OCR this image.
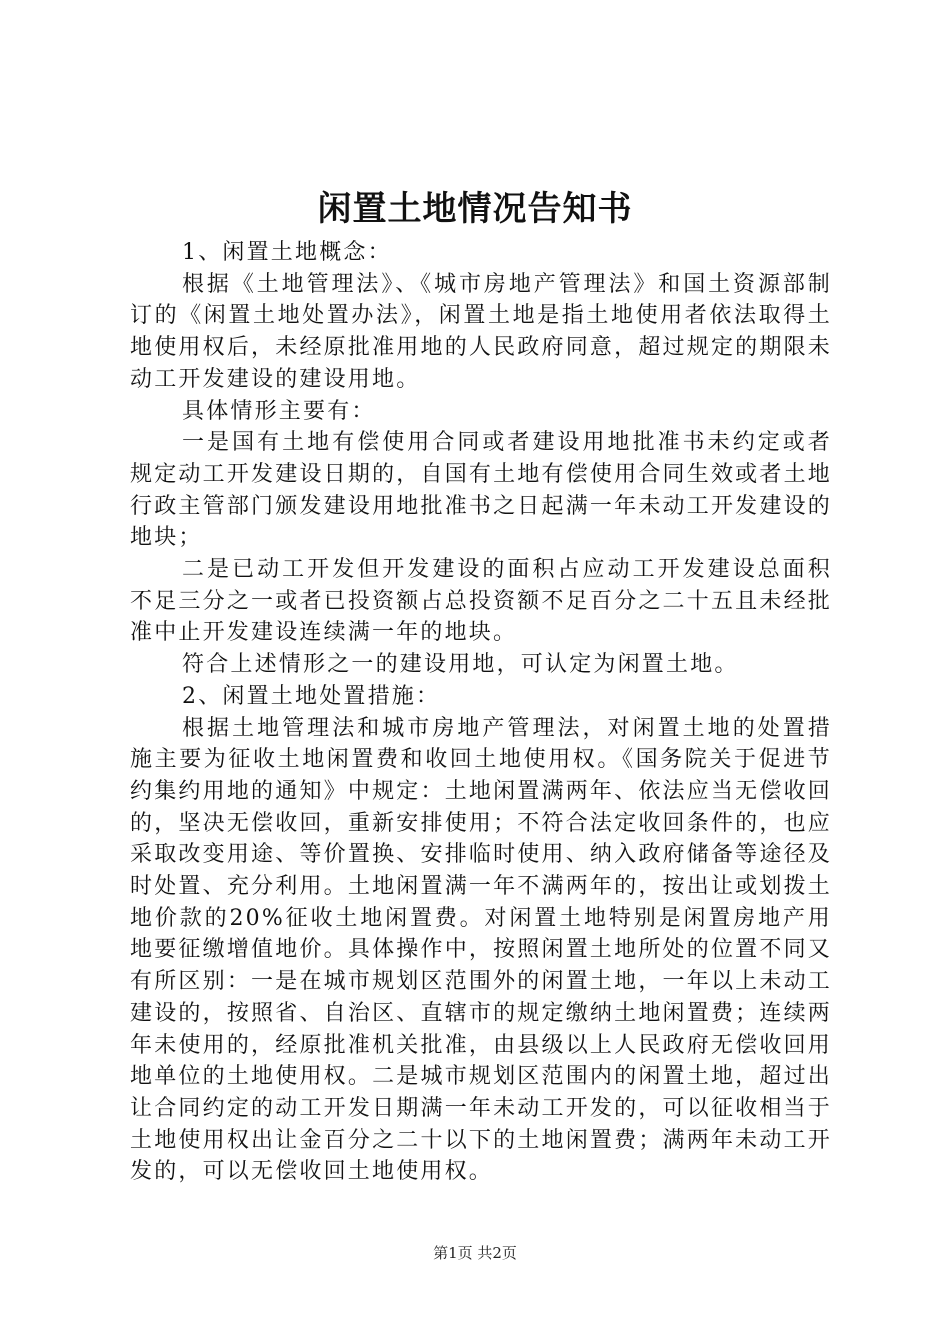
闲置土地情况告知书

1、闲置土地概念：

根据《土地管理法》、《城市房地产管理法》和国土资源部制订的《闲置土地处置办法》，闲置土地是指土地使用者依法取得土地使用权后，未经原批准用地的人民政府同意，超过规定的期限未动工开发建设的建设用地。

具体情形主要有：

一是国有土地有偿使用合同或者建设用地批准书未约定或者规定动工开发建设日期的，自国有土地有偿使用合同生效或者土地行政主管部门颁发建设用地批准书之日起满一年未动工开发建设的地块；

二是已动工开发但开发建设的面积占应动工开发建设总面积不足三分之一或者已投资额占总投资额不足百分之二十五且未经批准中止开发建设连续满一年的地块。

符合上述情形之一的建设用地，可认定为闲置土地。

2、闲置土地处置措施：

根据土地管理法和城市房地产管理法，对闲置土地的处置措施主要为征收土地闲置费和收回土地使用权。《国务院关于促进节约集约用地的通知》中规定：土地闲置满两年、依法应当无偿收回的，坚决无偿收回，重新安排使用；不符合法定收回条件的，也应采取改变用途、等价置换、安排临时使用、纳入政府储备等途径及时处置、充分利用。土地闲置满一年不满两年的，按出让或划拨土地价款的20%征收土地闲置费。对闲置土地特别是闲置房地产用地要征缴增值地价。具体操作中，按照闲置土地所处的位置不同又有所区别：一是在城市规划区范围外的闲置土地，一年以上未动工建设的，按照省、自治区、直辖市的规定缴纳土地闲置费；连续两年未使用的，经原批准机关批准，由县级以上人民政府无偿收回用地单位的土地使用权。二是城市规划区范围内的闲置土地，超过出让合同约定的动工开发日期满一年未动工开发的，可以征收相当于土地使用权出让金百分之二十以下的土地闲置费；满两年未动工开发的，可以无偿收回土地使用权。

第1页 共2页
